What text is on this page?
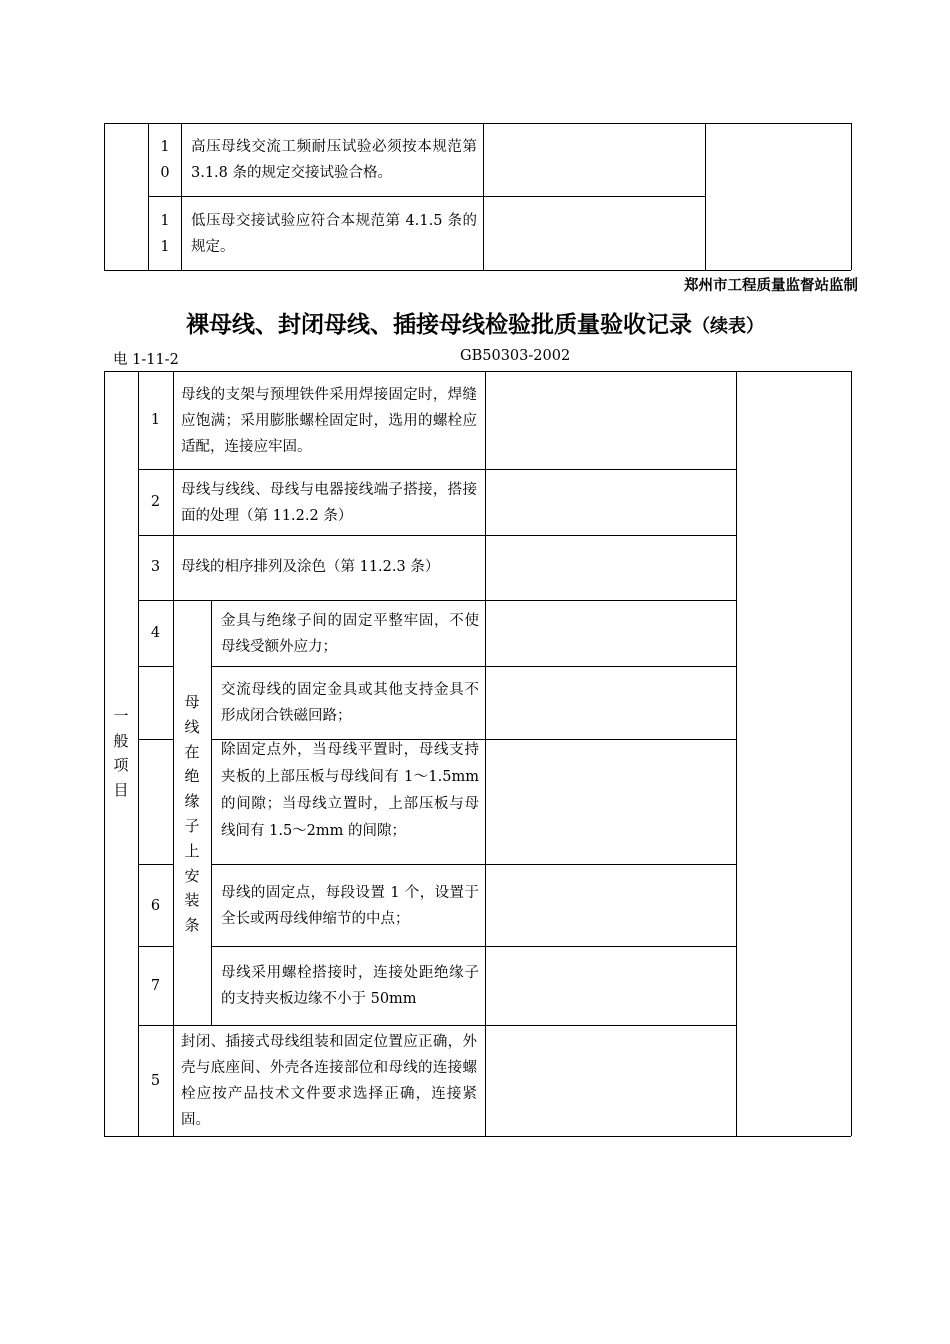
10
高压母线交流工频耐压试验必须按本规范第 3.1.8 条的规定交接试验合格。
11
低压母交接试验应符合本规范第 4.1.5 条的规定。
郑州市工程质量监督站监制
裸母线、封闭母线、插接母线检验批质量验收记录（续表）
电 1-11-2	GB50303-2002
一般项目
母线在绝缘子上安装条
1
母线的支架与预埋铁件采用焊接固定时，焊缝应饱满；采用膨胀螺栓固定时，选用的螺栓应适配，连接应牢固。
2
母线与线线、母线与电器接线端子搭接，搭接面的处理（第 11.2.2 条）
3	母线的相序排列及涂色（第 11.2.3 条）
4
金具与绝缘子间的固定平整牢固，不使母线受额外应力；
交流母线的固定金具或其他支持金具不形成闭合铁磁回路；
除固定点外，当母线平置时，母线支持夹板的上部压板与母线间有 1～1.5mm 的间隙；当母线立置时，上部压板与母线间有 1.5～2mm 的间隙；
6
母线的固定点，每段设置 1 个，设置于全长或两母线伸缩节的中点；
7
母线采用螺栓搭接时，连接处距绝缘子的支持夹板边缘不小于 50mm
5
封闭、插接式母线组装和固定位置应正确，外壳与底座间、外壳各连接部位和母线的连接螺栓应按产品技术文件要求选择正确，连接紧固。
